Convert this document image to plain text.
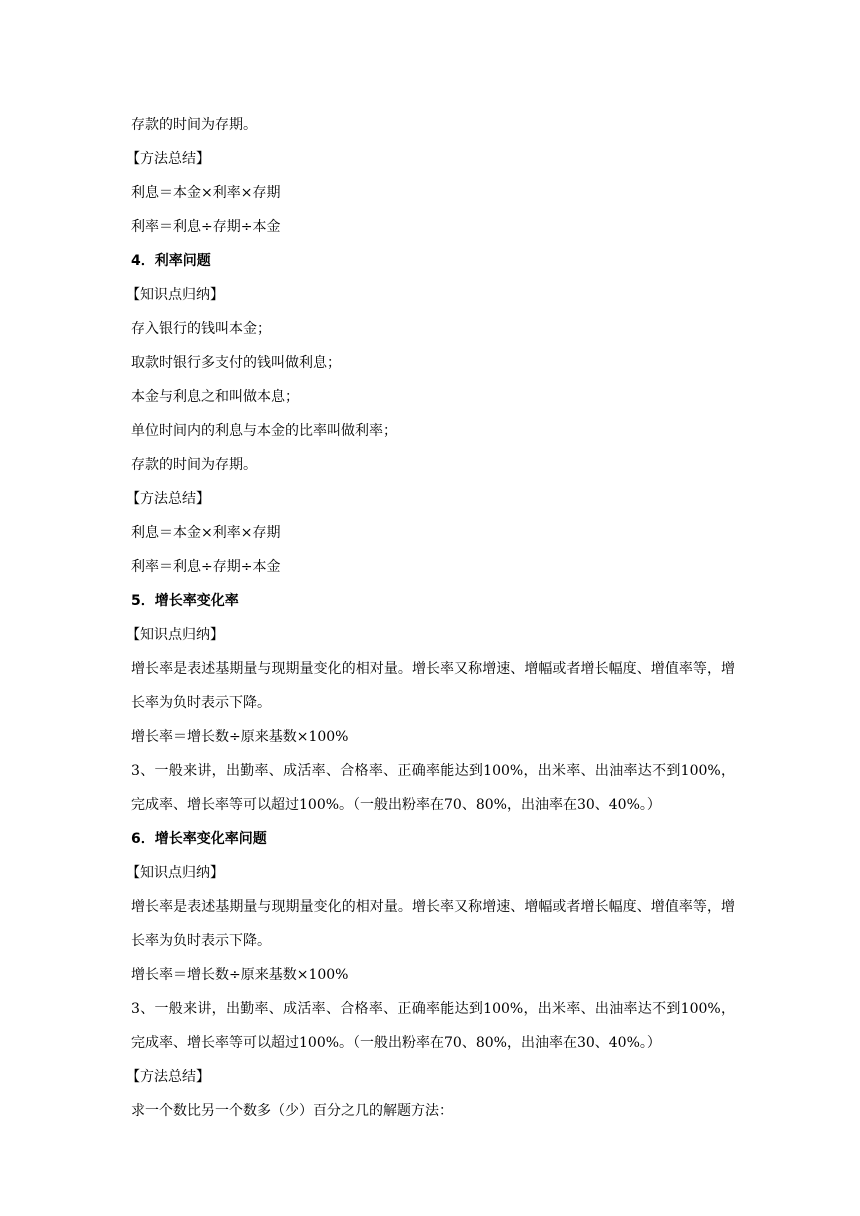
存款的时间为存期。
【方法总结】
利息＝本金×利率×存期
利率＝利息÷存期÷本金
4．利率问题
【知识点归纳】
存入银行的钱叫本金；
取款时银行多支付的钱叫做利息；
本金与利息之和叫做本息；
单位时间内的利息与本金的比率叫做利率；
存款的时间为存期。
【方法总结】
利息＝本金×利率×存期
利率＝利息÷存期÷本金
5．增长率变化率
【知识点归纳】
增长率是表述基期量与现期量变化的相对量。增长率又称增速、增幅或者增长幅度、增值率等，增长率为负时表示下降。
增长率＝增长数÷原来基数×100%
3、一般来讲，出勤率、成活率、合格率、正确率能达到100%，出米率、出油率达不到100%，完成率、增长率等可以超过100%。（一般出粉率在70、80%，出油率在30、40%。）
6．增长率变化率问题
【知识点归纳】
增长率是表述基期量与现期量变化的相对量。增长率又称增速、增幅或者增长幅度、增值率等，增长率为负时表示下降。
增长率＝增长数÷原来基数×100%
3、一般来讲，出勤率、成活率、合格率、正确率能达到100%，出米率、出油率达不到100%，完成率、增长率等可以超过100%。（一般出粉率在70、80%，出油率在30、40%。）
【方法总结】
求一个数比另一个数多（少）百分之几的解题方法：
